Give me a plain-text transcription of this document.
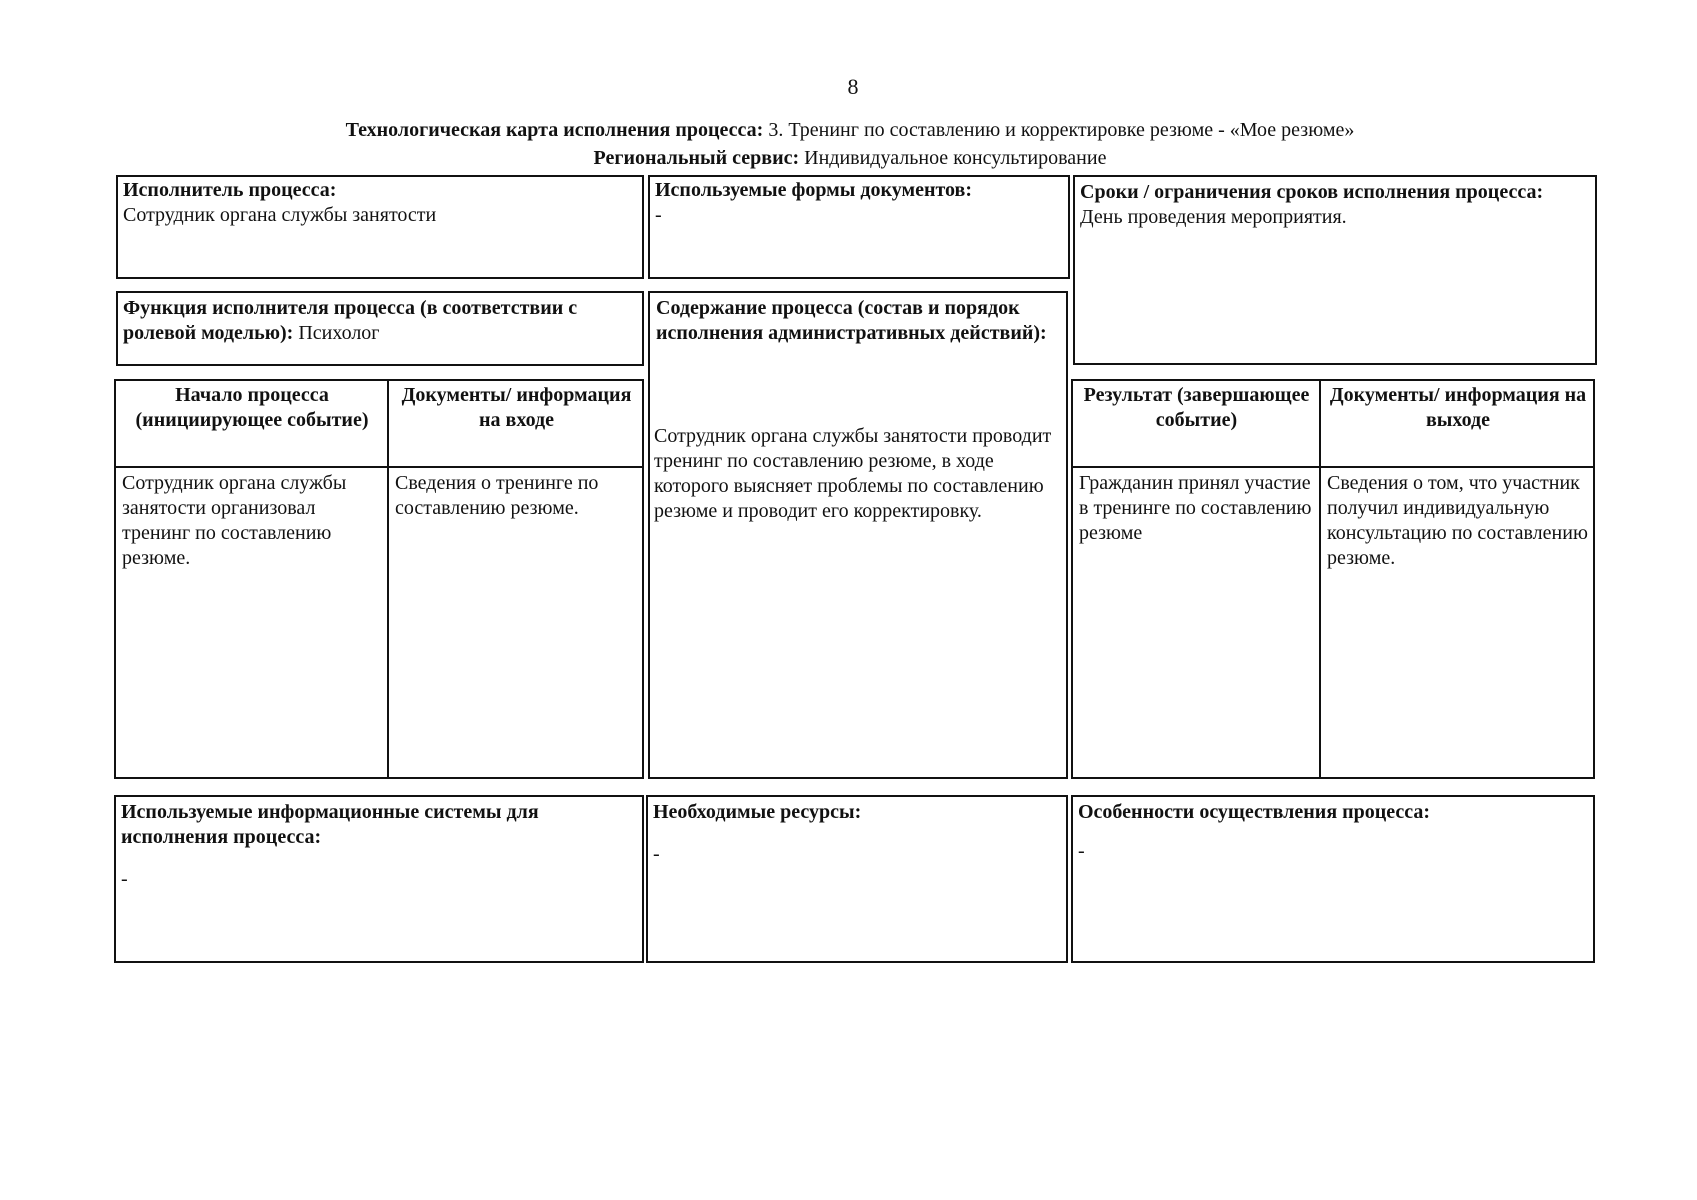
8
Технологическая карта исполнения процесса: 3. Тренинг по составлению и корректировке резюме - «Мое резюме»
Региональный сервис: Индивидуальное консультирование
Исполнитель процесса:
Сотрудник органа службы занятости
Используемые формы документов:
-
Сроки / ограничения сроков исполнения процесса:
День проведения мероприятия.
Функция исполнителя процесса (в соответствии с ролевой моделью): Психолог
Содержание процесса (состав и порядок исполнения административных действий):
Сотрудник органа службы занятости проводит тренинг по составлению резюме, в ходе которого выясняет проблемы по составлению резюме и проводит его корректировку.
Начало процесса (инициирующее событие)
Документы/ информация на входе
Сотрудник органа службы занятости организовал тренинг по составлению резюме.
Сведения о тренинге по составлению резюме.
Результат (завершающее событие)
Документы/ информация на выходе
Гражданин принял участие в тренинге по составлению резюме
Сведения о том, что участник получил индивидуальную консультацию по составлению резюме.
Используемые информационные системы для исполнения процесса:
-
Необходимые ресурсы:
-
Особенности осуществления процесса:
-
